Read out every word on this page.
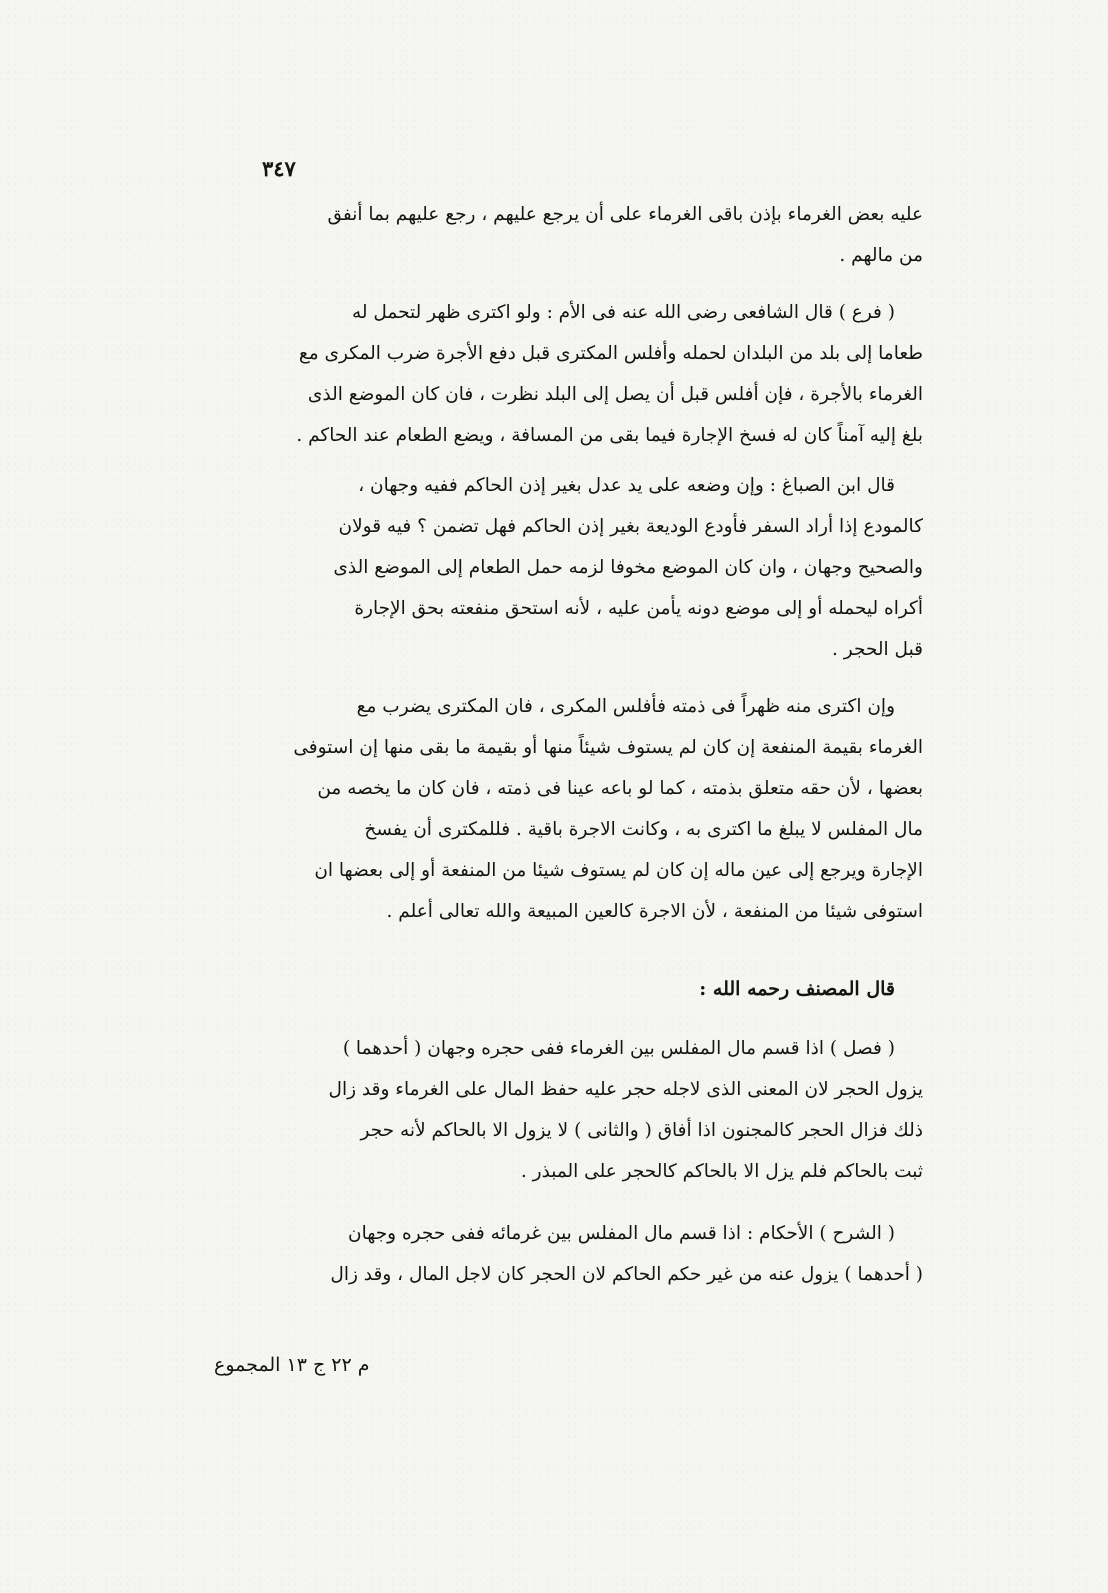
٣٤٧
عليه بعض الغرماء بإذن باقى الغرماء على أن يرجع عليهم ، رجع عليهم بما أنفق
من مالهم .
( فرع ) قال الشافعى رضى الله عنه فى الأم : ولو اكترى ظهر لتحمل له
طعاما إلى بلد من البلدان لحمله وأفلس المكترى قبل دفع الأجرة ضرب المكرى مع
الغرماء بالأجرة ، فإن أفلس قبل أن يصل إلى البلد نظرت ، فان كان الموضع الذى
بلغ إليه آمناً كان له فسخ الإجارة فيما بقى من المسافة ، ويضع الطعام عند الحاكم .
قال ابن الصباغ : وإن وضعه على يد عدل بغير إذن الحاكم ففيه وجهان ،
كالمودع إذا أراد السفر فأودع الوديعة بغير إذن الحاكم فهل تضمن ؟ فيه قولان
والصحيح وجهان ، وان كان الموضع مخوفا لزمه حمل الطعام إلى الموضع الذى
أكراه ليحمله أو إلى موضع دونه يأمن عليه ، لأنه استحق منفعته بحق الإجارة
قبل الحجر .
وإن اكترى منه ظهراً فى ذمته فأفلس المكرى ، فان المكترى يضرب مع
الغرماء بقيمة المنفعة إن كان لم يستوف شيئاً منها أو بقيمة ما بقى منها إن استوفى
بعضها ، لأن حقه متعلق بذمته ، كما لو باعه عينا فى ذمته ، فان كان ما يخصه من
مال المفلس لا يبلغ ما اكترى به ، وكانت الاجرة باقية . فللمكترى أن يفسخ
الإجارة ويرجع إلى عين ماله إن كان لم يستوف شيئا من المنفعة أو إلى بعضها ان
استوفى شيئا من المنفعة ، لأن الاجرة كالعين المبيعة والله تعالى أعلم .
قال المصنف رحمه الله :
( فصل ) اذا قسم مال المفلس بين الغرماء ففى حجره وجهان ( أحدهما )
يزول الحجر لان المعنى الذى لاجله حجر عليه حفظ المال على الغرماء وقد زال
ذلك فزال الحجر كالمجنون اذا أفاق ( والثانى ) لا يزول الا بالحاكم لأنه حجر
ثبت بالحاكم فلم يزل الا بالحاكم كالحجر على المبذر .
( الشرح ) الأحكام : اذا قسم مال المفلس بين غرمائه ففى حجره وجهان
( أحدهما ) يزول عنه من غير حكم الحاكم لان الحجر كان لاجل المال ، وقد زال
م ٢٢ ج ١٣ المجموع
